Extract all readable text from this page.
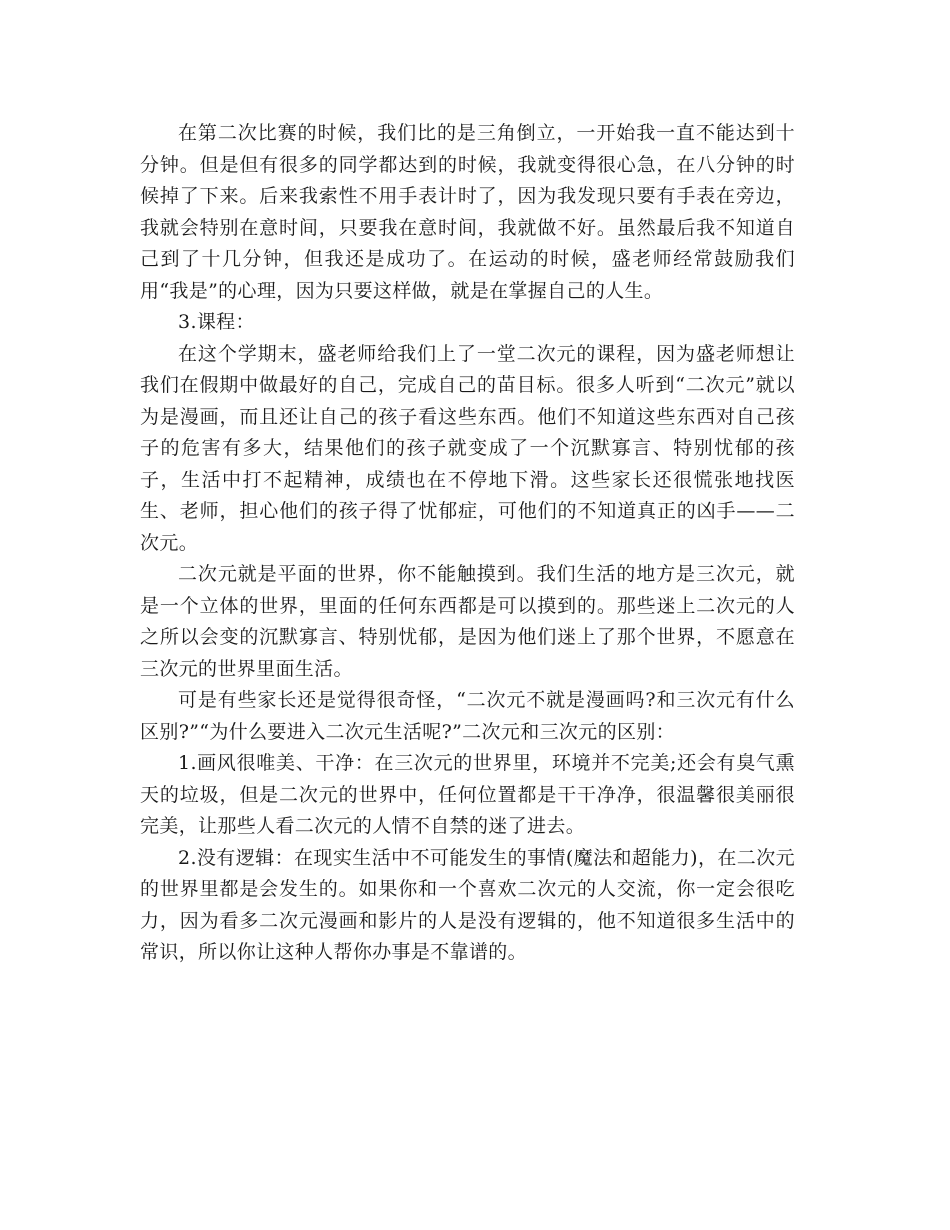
在第二次比赛的时候，我们比的是三角倒立，一开始我一直不能达到十分钟。但是但有很多的同学都达到的时候，我就变得很心急，在八分钟的时候掉了下来。后来我索性不用手表计时了，因为我发现只要有手表在旁边，我就会特别在意时间，只要我在意时间，我就做不好。虽然最后我不知道自己到了十几分钟，但我还是成功了。在运动的时候，盛老师经常鼓励我们用“我是”的心理，因为只要这样做，就是在掌握自己的人生。

3.课程：

在这个学期末，盛老师给我们上了一堂二次元的课程，因为盛老师想让我们在假期中做最好的自己，完成自己的苗目标。很多人听到“二次元”就以为是漫画，而且还让自己的孩子看这些东西。他们不知道这些东西对自己孩子的危害有多大，结果他们的孩子就变成了一个沉默寡言、特别忧郁的孩子，生活中打不起精神，成绩也在不停地下滑。这些家长还很慌张地找医生、老师，担心他们的孩子得了忧郁症，可他们的不知道真正的凶手——二次元。

二次元就是平面的世界，你不能触摸到。我们生活的地方是三次元，就是一个立体的世界，里面的任何东西都是可以摸到的。那些迷上二次元的人之所以会变的沉默寡言、特别忧郁，是因为他们迷上了那个世界，不愿意在三次元的世界里面生活。

可是有些家长还是觉得很奇怪，“二次元不就是漫画吗?和三次元有什么区别?”“为什么要进入二次元生活呢?”二次元和三次元的区别：

1.画风很唯美、干净：在三次元的世界里，环境并不完美;还会有臭气熏天的垃圾，但是二次元的世界中，任何位置都是干干净净，很温馨很美丽很完美，让那些人看二次元的人情不自禁的迷了进去。

2.没有逻辑：在现实生活中不可能发生的事情(魔法和超能力)，在二次元的世界里都是会发生的。如果你和一个喜欢二次元的人交流，你一定会很吃力，因为看多二次元漫画和影片的人是没有逻辑的，他不知道很多生活中的常识，所以你让这种人帮你办事是不靠谱的。
